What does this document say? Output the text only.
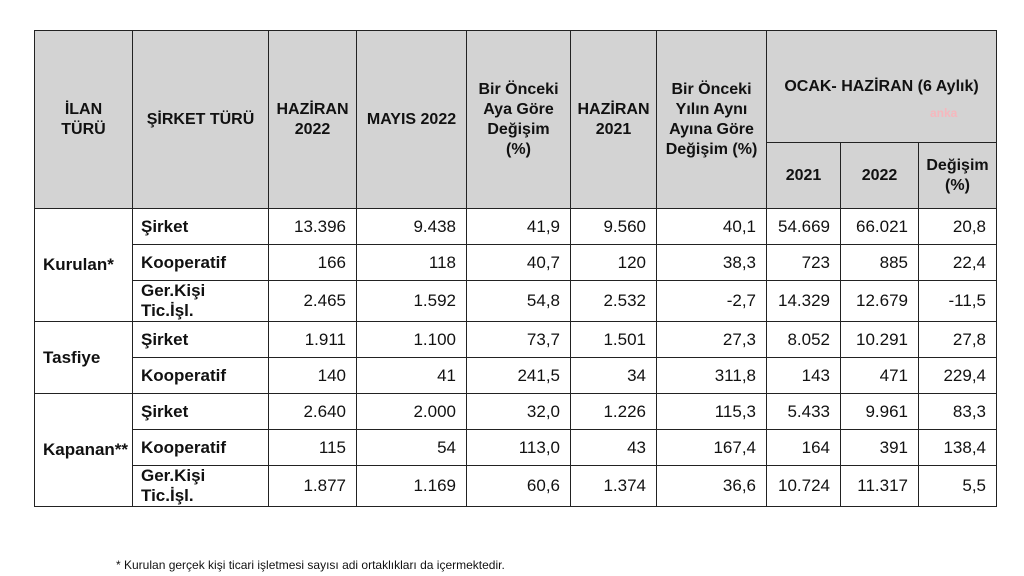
İLAN TÜRÜ	ŞİRKET TÜRÜ	HAZİRAN 2022	MAYIS 2022	Bir Önceki Aya Göre Değişim (%)	HAZİRAN 2021	Bir Önceki Yılın Aynı Ayına Göre Değişim (%)	OCAK- HAZİRAN (6 Aylık)		
							2021	2022	Değişim (%)
Kurulan*	Şirket	13.396	9.438	41,9	9.560	40,1	54.669	66.021	20,8
	Kooperatif	166	118	40,7	120	38,3	723	885	22,4
	Ger.Kişi Tic.İşl.	2.465	1.592	54,8	2.532	-2,7	14.329	12.679	-11,5
Tasfiye	Şirket	1.911	1.100	73,7	1.501	27,3	8.052	10.291	27,8
	Kooperatif	140	41	241,5	34	311,8	143	471	229,4
Kapanan**	Şirket	2.640	2.000	32,0	1.226	115,3	5.433	9.961	83,3
	Kooperatif	115	54	113,0	43	167,4	164	391	138,4
	Ger.Kişi Tic.İşl.	1.877	1.169	60,6	1.374	36,6	10.724	11.317	5,5
anka
* Kurulan gerçek kişi ticari işletmesi sayısı adi ortaklıkları da içermektedir.
